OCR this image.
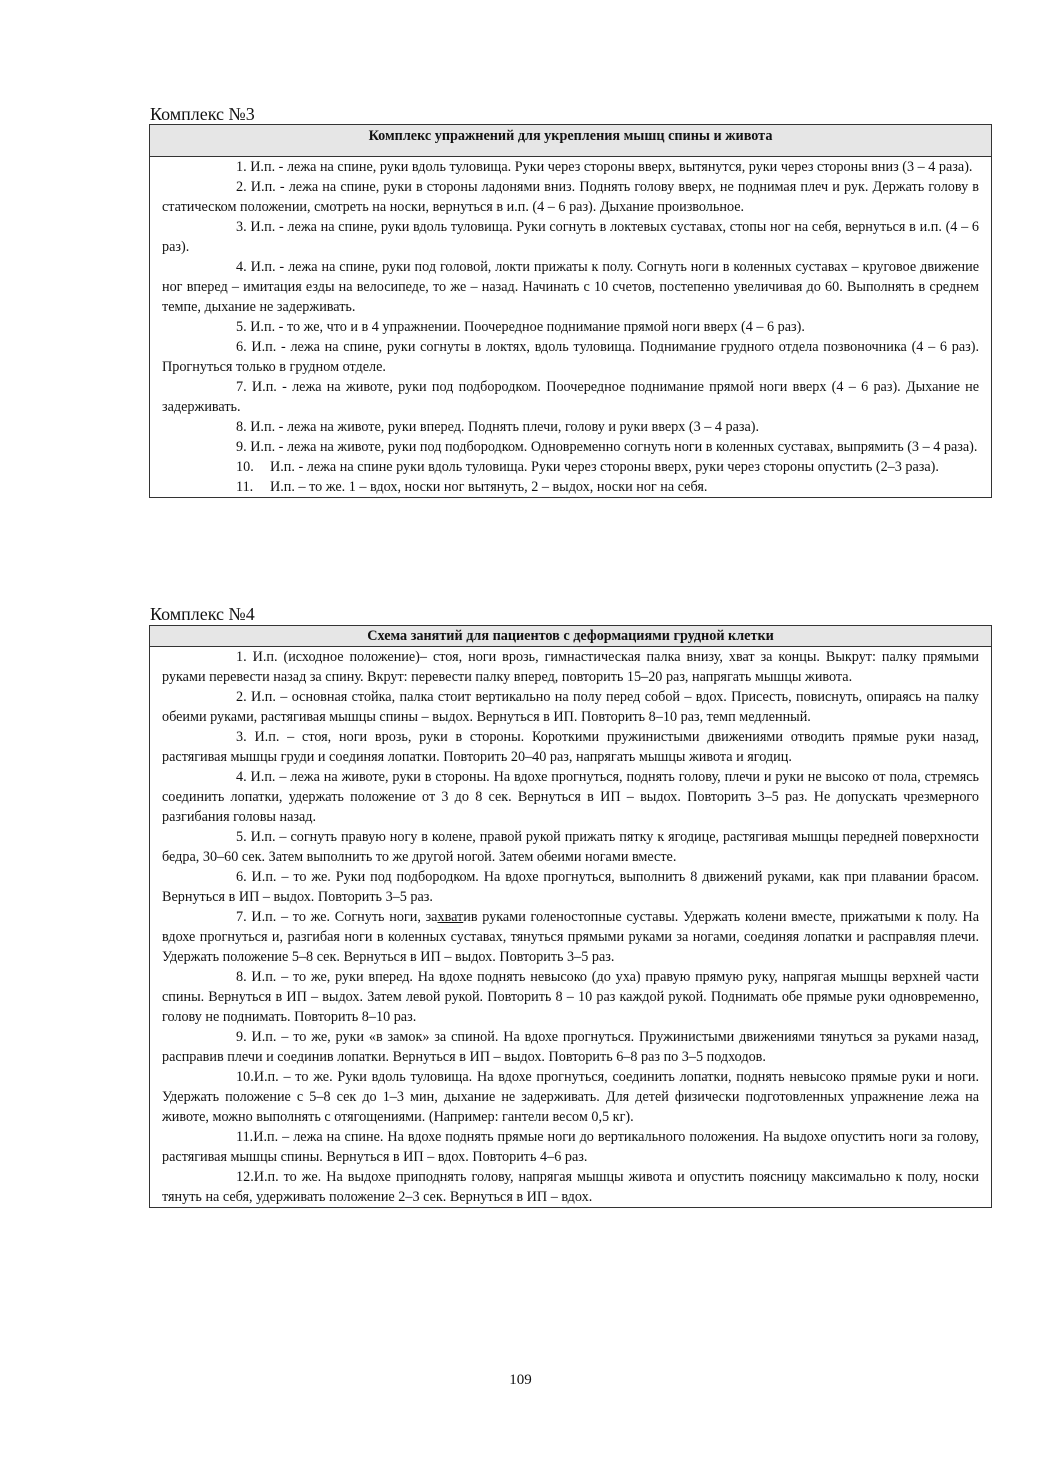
Комплекс №3
Комплекс упражнений для укрепления мышц спины и живота

1. И.п. - лежа на спине, руки вдоль туловища. Руки через стороны вверх, вытянутся, руки через стороны вниз (3 – 4 раза).

2. И.п. - лежа на спине, руки в стороны ладонями вниз. Поднять голову вверх, не поднимая плеч и рук. Держать голову в статическом положении, смотреть на носки, вернуться в и.п. (4 – 6 раз). Дыхание произвольное.

3. И.п. - лежа на спине, руки вдоль туловища. Руки согнуть в локтевых суставах, стопы ног на себя, вернуться в и.п. (4 – 6 раз).

4. И.п. - лежа на спине, руки под головой, локти прижаты к полу. Согнуть ноги в коленных суставах – круговое движение ног вперед – имитация езды на велосипеде, то же – назад. Начинать с 10 счетов, постепенно увеличивая до 60. Выполнять в среднем темпе, дыхание не задерживать.

5. И.п. - то же, что и в 4 упражнении. Поочередное поднимание прямой ноги вверх (4 – 6 раз).

6. И.п. - лежа на спине, руки согнуты в локтях, вдоль туловища. Поднимание грудного отдела позвоночника (4 – 6 раз). Прогнуться только в грудном отделе.

7. И.п. - лежа на животе, руки под подбородком. Поочередное поднимание прямой ноги вверх (4 – 6 раз). Дыхание не задерживать.

8. И.п. - лежа на животе, руки вперед. Поднять плечи, голову и руки вверх (3 – 4 раза).

9. И.п. - лежа на животе, руки под подбородком. Одновременно согнуть ноги в коленных суставах, выпрямить (3 – 4 раза).

10. И.п. - лежа на спине руки вдоль туловища. Руки через стороны вверх, руки через стороны опустить (2–3 раза).

11. И.п. – то же. 1 – вдох, носки ног вытянуть, 2 – выдох, носки ног на себя.

Комплекс №4
Схема занятий для пациентов с деформациями грудной клетки

1. И.п. (исходное положение)– стоя, ноги врозь, гимнастическая палка внизу, хват за концы. Выкрут: палку прямыми руками перевести назад за спину. Вкрут: перевести палку вперед, повторить 15–20 раз, напрягать мышцы живота.

2. И.п. – основная стойка, палка стоит вертикально на полу перед собой – вдох. Присесть, повиснуть, опираясь на палку обеими руками, растягивая мышцы спины – выдох. Вернуться в ИП. Повторить 8–10 раз, темп медленный.

3. И.п. – стоя, ноги врозь, руки в стороны. Короткими пружинистыми движениями отводить прямые руки назад, растягивая мышцы груди и соединяя лопатки. Повторить 20–40 раз, напрягать мышцы живота и ягодиц.

4. И.п. – лежа на животе, руки в стороны. На вдохе прогнуться, поднять голову, плечи и руки не высоко от пола, стремясь соединить лопатки, удержать положение от 3 до 8 сек. Вернуться в ИП – выдох. Повторить 3–5 раз. Не допускать чрезмерного разгибания головы назад.

5. И.п. – согнуть правую ногу в колене, правой рукой прижать пятку к ягодице, растягивая мышцы передней поверхности бедра, 30–60 сек. Затем выполнить то же другой ногой. Затем обеими ногами вместе.

6. И.п. – то же. Руки под подбородком. На вдохе прогнуться, выполнить 8 движений руками, как при плавании брасом. Вернуться в ИП – выдох. Повторить 3–5 раз.

7. И.п. – то же. Согнуть ноги, захватив руками голеностопные суставы. Удержать колени вместе, прижатыми к полу. На вдохе прогнуться и, разгибая ноги в коленных суставах, тянуться прямыми руками за ногами, соединяя лопатки и расправляя плечи. Удержать положение 5–8 сек. Вернуться в ИП – выдох. Повторить 3–5 раз.

8. И.п. – то же, руки вперед. На вдохе поднять невысоко (до уха) правую прямую руку, напрягая мышцы верхней части спины. Вернуться в ИП – выдох. Затем левой рукой. Повторить 8 – 10 раз каждой рукой. Поднимать обе прямые руки одновременно, голову не поднимать. Повторить 8–10 раз.

9. И.п. – то же, руки «в замок» за спиной. На вдохе прогнуться. Пружинистыми движениями тянуться за руками назад, расправив плечи и соединив лопатки. Вернуться в ИП – выдох. Повторить 6–8 раз по 3–5 подходов.

10.И.п. – то же. Руки вдоль туловища. На вдохе прогнуться, соединить лопатки, поднять невысоко прямые руки и ноги. Удержать положение с 5–8 сек до 1–3 мин, дыхание не задерживать. Для детей физически подготовленных упражнение лежа на животе, можно выполнять с отягощениями. (Например: гантели весом 0,5 кг).

11.И.п. – лежа на спине. На вдохе поднять прямые ноги до вертикального положения. На выдохе опустить ноги за голову, растягивая мышцы спины. Вернуться в ИП – вдох. Повторить 4–6 раз.

12.И.п. то же. На выдохе приподнять голову, напрягая мышцы живота и опустить поясницу максимально к полу, носки тянуть на себя, удерживать положение 2–3 сек. Вернуться в ИП – вдох.

109
